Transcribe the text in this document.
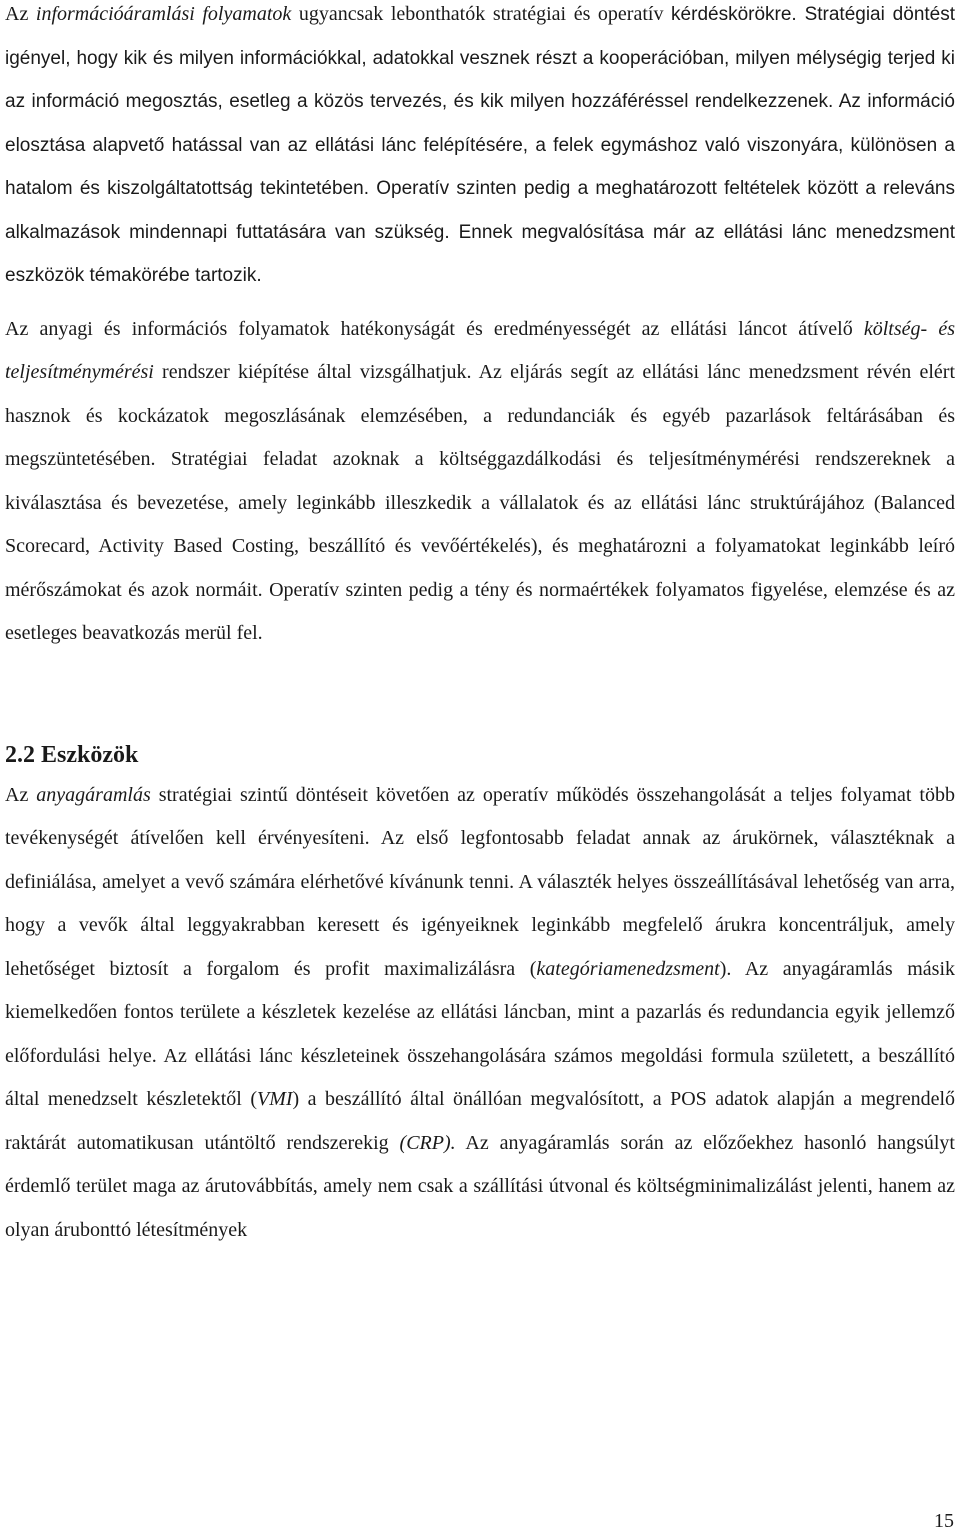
Az információáramlási folyamatok ugyancsak lebonthatók stratégiai és operatív kérdéskörökre. Stratégiai döntést igényel, hogy kik és milyen információkkal, adatokkal vesznek részt a kooperációban, milyen mélységig terjed ki az információ megosztás, esetleg a közös tervezés, és kik milyen hozzáféréssel rendelkezzenek. Az információ elosztása alapvető hatással van az ellátási lánc felépítésére, a felek egymáshoz való viszonyára, különösen a hatalom és kiszolgáltatottság tekintetében. Operatív szinten pedig a meghatározott feltételek között a releváns alkalmazások mindennapi futtatására van szükség. Ennek megvalósítása már az ellátási lánc menedzsment eszközök témakörébe tartozik.

Az anyagi és információs folyamatok hatékonyságát és eredményességét az ellátási láncot átívelő költség- és teljesítménymérési rendszer kiépítése által vizsgálhatjuk. Az eljárás segít az ellátási lánc menedzsment révén elért hasznok és kockázatok megoszlásának elemzésében, a redundanciák és egyéb pazarlások feltárásában és megszüntetésében. Stratégiai feladat azoknak a költséggazdálkodási és teljesítménymérési rendszereknek a kiválasztása és bevezetése, amely leginkább illeszkedik a vállalatok és az ellátási lánc struktúrájához (Balanced Scorecard, Activity Based Costing, beszállító és vevőértékelés), és meghatározni a folyamatokat leginkább leíró mérőszámokat és azok normáit. Operatív szinten pedig a tény és normaértékek folyamatos figyelése, elemzése és az esetleges beavatkozás merül fel.

2.2 Eszközök

Az anyagáramlás stratégiai szintű döntéseit követően az operatív működés összehangolását a teljes folyamat több tevékenységét átívelően kell érvényesíteni. Az első legfontosabb feladat annak az árukörnek, választéknak a definiálása, amelyet a vevő számára elérhetővé kívánunk tenni. A választék helyes összeállításával lehetőség van arra, hogy a vevők által leggyakrabban keresett és igényeiknek leginkább megfelelő árukra koncentráljuk, amely lehetőséget biztosít a forgalom és profit maximalizálásra (kategóriamenedzsment). Az anyagáramlás másik kiemelkedően fontos területe a készletek kezelése az ellátási láncban, mint a pazarlás és redundancia egyik jellemző előfordulási helye. Az ellátási lánc készleteinek összehangolására számos megoldási formula született, a beszállító által menedzselt készletektől (VMI) a beszállító által önállóan megvalósított, a POS adatok alapján a megrendelő raktárát automatikusan utántöltő rendszerekig (CRP). Az anyagáramlás során az előzőekhez hasonló hangsúlyt érdemlő terület maga az árutovábbítás, amely nem csak a szállítási útvonal és költségminimalizálást jelenti, hanem az olyan árubonttó létesítmények

15
